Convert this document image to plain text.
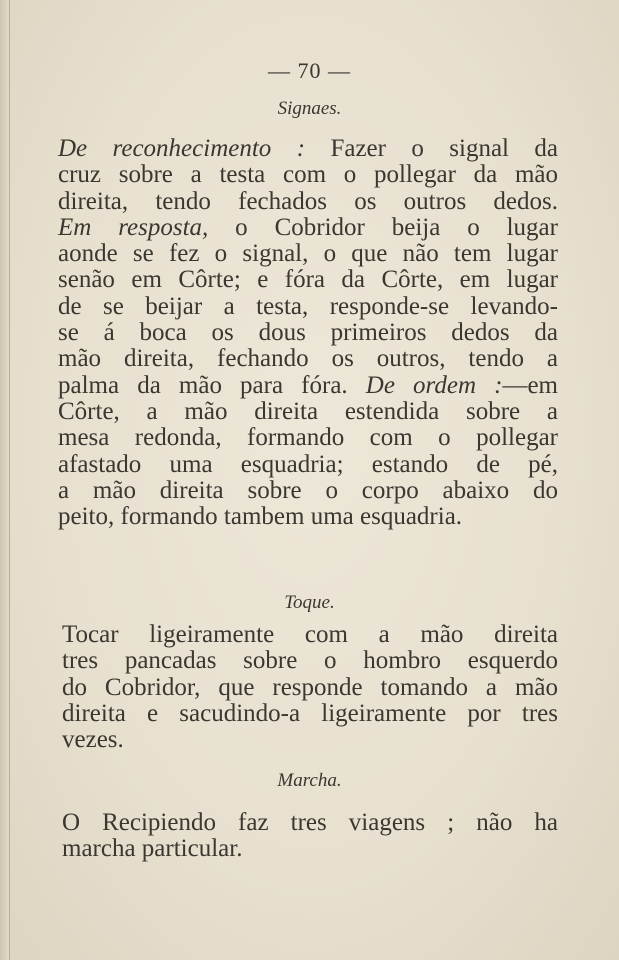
— 70 —
Signaes.
De reconhecimento : Fazer o signal da
cruz sobre a testa com o pollegar da mão
direita, tendo fechados os outros dedos.
Em resposta, o Cobridor beija o lugar
aonde se fez o signal, o que não tem lugar
senão em Côrte; e fóra da Côrte, em lugar
de se beijar a testa, responde-se levando-
se á boca os dous primeiros dedos da
mão direita, fechando os outros, tendo a
palma da mão para fóra. De ordem :—em
Côrte, a mão direita estendida sobre a
mesa redonda, formando com o pollegar
afastado uma esquadria; estando de pé,
a mão direita sobre o corpo abaixo do
peito, formando tambem uma esquadria.
Toque.
Tocar ligeiramente com a mão direita
tres pancadas sobre o hombro esquerdo
do Cobridor, que responde tomando a mão
direita e sacudindo-a ligeiramente por tres
vezes.
Marcha.
O Recipiendo faz tres viagens ; não ha
marcha particular.
